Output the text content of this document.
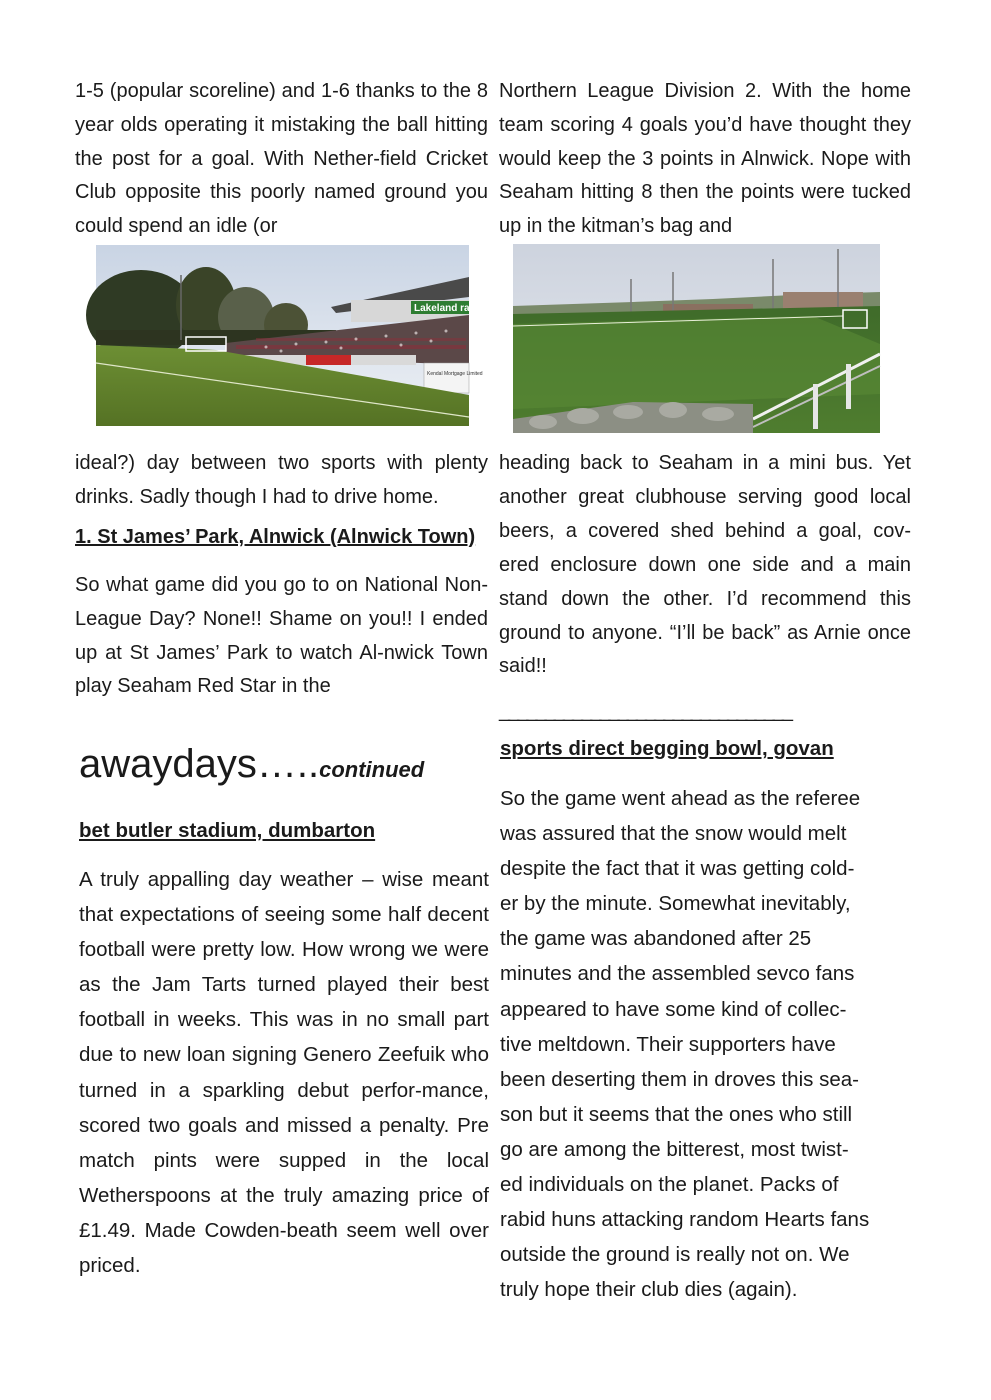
1-5 (popular scoreline) and 1-6 thanks to the 8 year olds operating it mistaking the ball hitting the post for a goal. With Nether-field Cricket Club opposite this poorly named ground you could spend an idle (or

Northern League Division 2. With the home team scoring 4 goals you’d have thought they would keep the 3 points in Alnwick. Nope with Seaham hitting 8 then the points were tucked up in the kitman’s bag and

Lakeland radio
Kendal Mortgage Limited

ideal?) day between two sports with plenty drinks. Sadly though I had to drive home.

1. St James’ Park, Alnwick (Alnwick Town)

So what game did you go to on National Non-League Day? None!! Shame on you!! I ended up at St James’ Park to watch Al-nwick Town play Seaham Red Star in the

heading back to Seaham in a mini bus. Yet another great clubhouse serving good local beers, a covered shed behind a goal, cov-ered enclosure down one side and a main stand down the other. I’d recommend this ground to anyone. “I’ll be back” as Arnie once said!!

________________________________
awaydays…..continued
bet butler stadium, dumbarton

A truly appalling day weather – wise meant that expectations of seeing some half decent football were pretty low. How wrong we were as the Jam Tarts turned played their best football in weeks. This was in no small part due to new loan signing Genero Zeefuik who turned in a sparkling debut perfor-mance, scored two goals and missed a penalty. Pre match pints were supped in the local Wetherspoons at the truly amazing price of £1.49. Made Cowden-beath seem well over priced.

sports direct begging bowl, govan
So the game went ahead as the referee
was assured that the snow would melt
despite the fact that it was getting cold-
er by the minute. Somewhat inevitably,
the game was abandoned after 25
minutes and the assembled sevco fans
appeared to have some kind of collec-
tive meltdown. Their supporters have
been deserting them in droves this sea-
son but it seems that the ones who still
go are among the bitterest, most twist-
ed individuals on the planet. Packs of
rabid huns attacking random Hearts fans
outside the ground is really not on. We
truly hope their club dies (again).
